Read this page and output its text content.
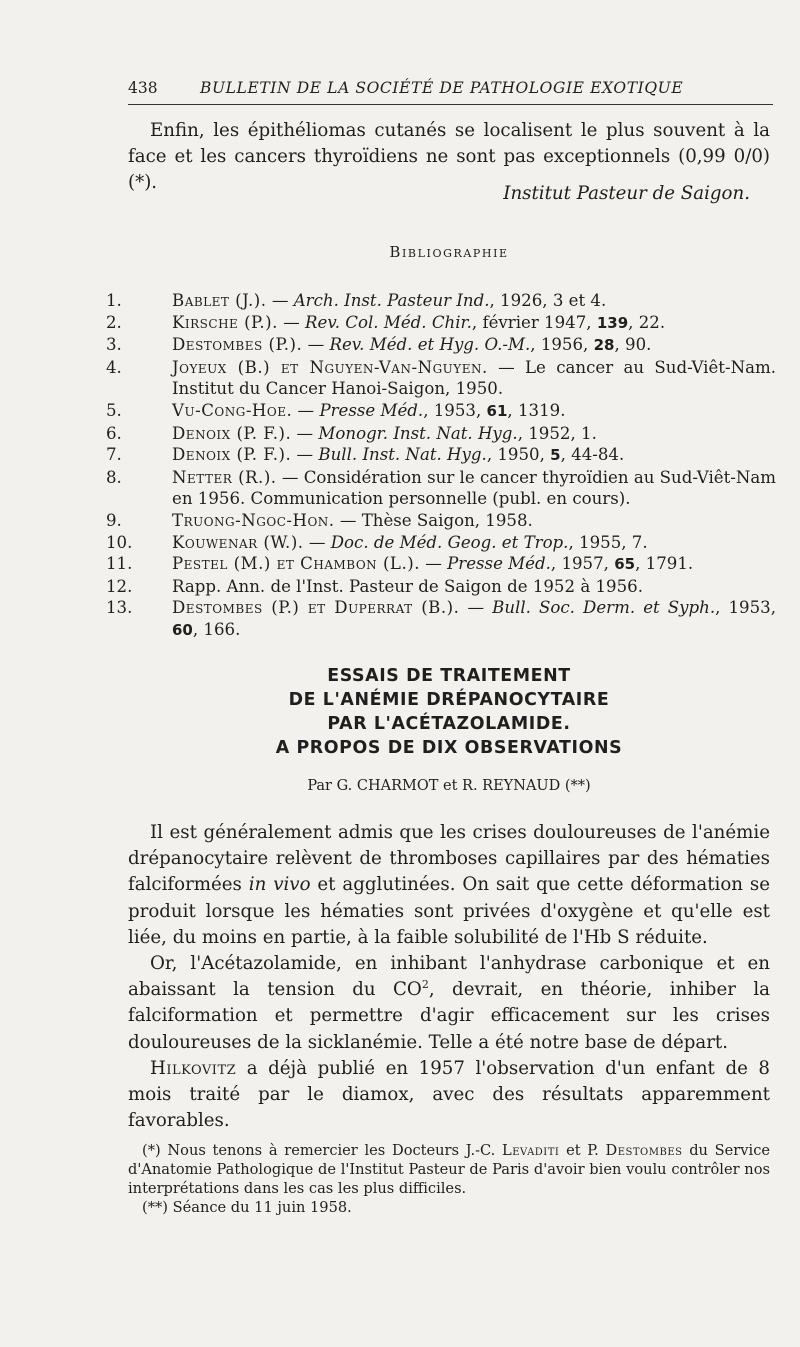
438	BULLETIN DE LA SOCIÉTÉ DE PATHOLOGIE EXOTIQUE
Enfin, les épithéliomas cutanés se localisent le plus souvent à la face et les cancers thyroïdiens ne sont pas exceptionnels (0,99 0/0) (*).
Institut Pasteur de Saigon.
Bibliographie
1.	Bablet (J.). — Arch. Inst. Pasteur Ind., 1926, 3 et 4.
2.	Kirsche (P.). — Rev. Col. Méd. Chir., février 1947, 139, 22.
3.	Destombes (P.). — Rev. Méd. et Hyg. O.-M., 1956, 28, 90.
4.	Joyeux (B.) et Nguyen-Van-Nguyen. — Le cancer au Sud-Viêt-Nam. Institut du Cancer Hanoi-Saigon, 1950.
5.	Vu-Cong-Hoe. — Presse Méd., 1953, 61, 1319.
6.	Denoix (P. F.). — Monogr. Inst. Nat. Hyg., 1952, 1.
7.	Denoix (P. F.). — Bull. Inst. Nat. Hyg., 1950, 5, 44-84.
8.	Netter (R.). — Considération sur le cancer thyroïdien au Sud-Viêt-Nam en 1956. Communication personnelle (publ. en cours).
9.	Truong-Ngoc-Hon. — Thèse Saigon, 1958.
10.	Kouwenar (W.). — Doc. de Méd. Geog. et Trop., 1955, 7.
11.	Pestel (M.) et Chambon (L.). — Presse Méd., 1957, 65, 1791.
12.	Rapp. Ann. de l'Inst. Pasteur de Saigon de 1952 à 1956.
13.	Destombes (P.) et Duperrat (B.). — Bull. Soc. Derm. et Syph., 1953, 60, 166.
ESSAIS DE TRAITEMENT
DE L'ANÉMIE DRÉPANOCYTAIRE
PAR L'ACÉTAZOLAMIDE.
A PROPOS DE DIX OBSERVATIONS
Par G. CHARMOT et R. REYNAUD (**)

Il est généralement admis que les crises douloureuses de l'anémie drépanocytaire relèvent de thromboses capillaires par des hématies falciformées in vivo et agglutinées. On sait que cette déformation se produit lorsque les hématies sont privées d'oxygène et qu'elle est liée, du moins en partie, à la faible solubilité de l'Hb S réduite.

Or, l'Acétazolamide, en inhibant l'anhydrase carbonique et en abaissant la tension du $CO^2$, devrait, en théorie, inhiber la falciformation et permettre d'agir efficacement sur les crises douloureuses de la sicklanémie. Telle a été notre base de départ.

Hilkovitz a déjà publié en 1957 l'observation d'un enfant de 8 mois traité par le diamox, avec des résultats apparemment favorables.

(*) Nous tenons à remercier les Docteurs J.-C. Levaditi et P. Destombes du Service d'Anatomie Pathologique de l'Institut Pasteur de Paris d'avoir bien voulu contrôler nos interprétations dans les cas les plus difficiles.

(**) Séance du 11 juin 1958.
